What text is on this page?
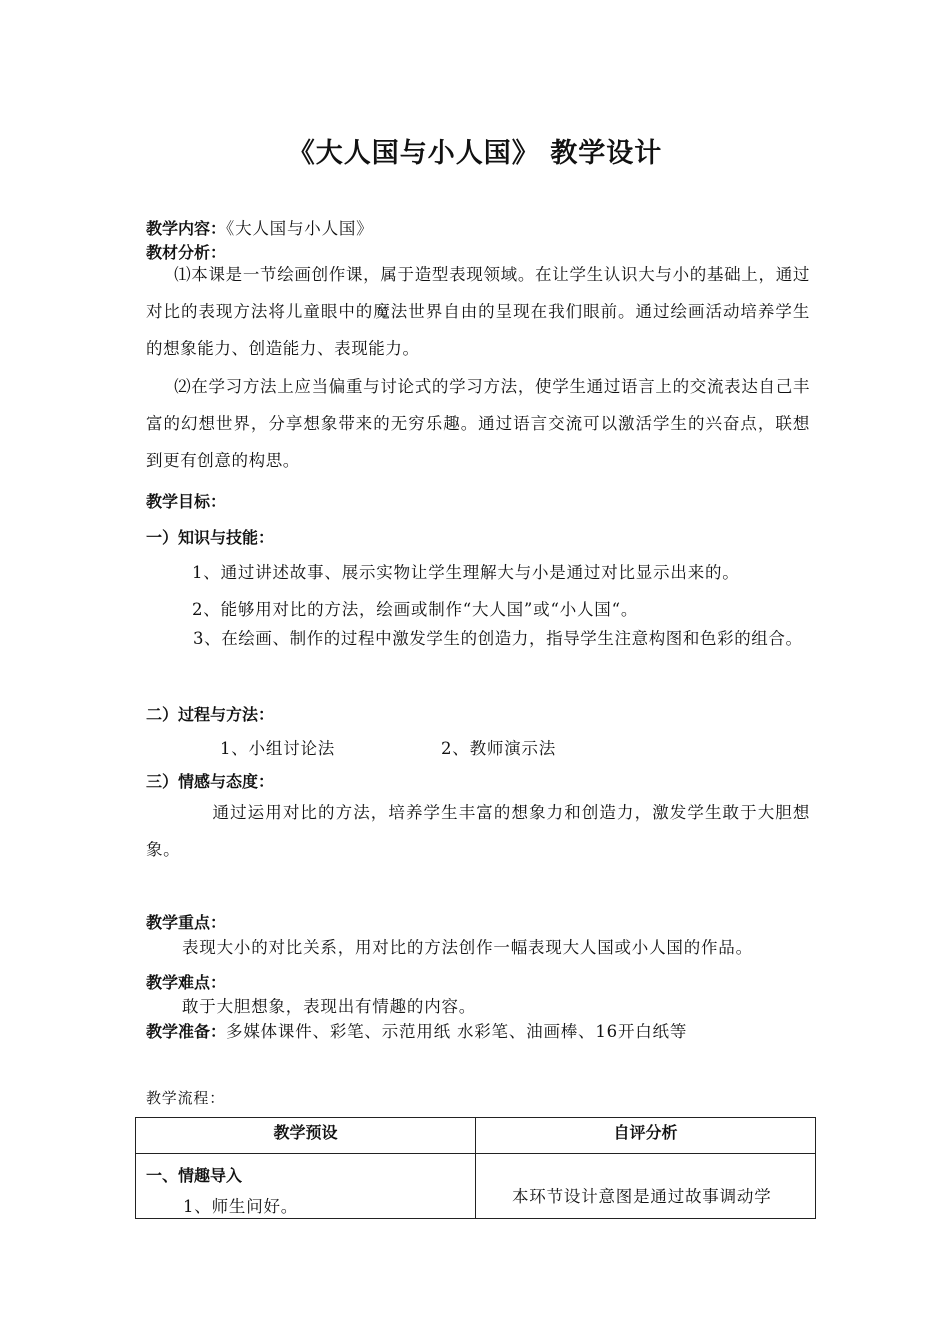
《大人国与小人国》 教学设计
教学内容：《大人国与小人国》
教材分析：
⑴本课是一节绘画创作课，属于造型表现领域。在让学生认识大与小的基础上，通过对比的表现方法将儿童眼中的魔法世界自由的呈现在我们眼前。通过绘画活动培养学生的想象能力、创造能力、表现能力。
⑵在学习方法上应当偏重与讨论式的学习方法，使学生通过语言上的交流表达自己丰富的幻想世界，分享想象带来的无穷乐趣。通过语言交流可以激活学生的兴奋点，联想到更有创意的构思。
教学目标：
一）知识与技能：
1、通过讲述故事、展示实物让学生理解大与小是通过对比显示出来的。
2、能够用对比的方法，绘画或制作“大人国”或“小人国“。
3、在绘画、制作的过程中激发学生的创造力，指导学生注意构图和色彩的组合。
二）过程与方法：
1、小组讨论法	2、教师演示法
三）情感与态度：
通过运用对比的方法，培养学生丰富的想象力和创造力，激发学生敢于大胆想象。
教学重点：
表现大小的对比关系，用对比的方法创作一幅表现大人国或小人国的作品。
教学难点：
敢于大胆想象，表现出有情趣的内容。
教学准备：多媒体课件、彩笔、示范用纸 水彩笔、油画棒、16开白纸等
教学流程：
教学预设	自评分析

一、情趣导入
1、师生问好。	本环节设计意图是通过故事调动学
